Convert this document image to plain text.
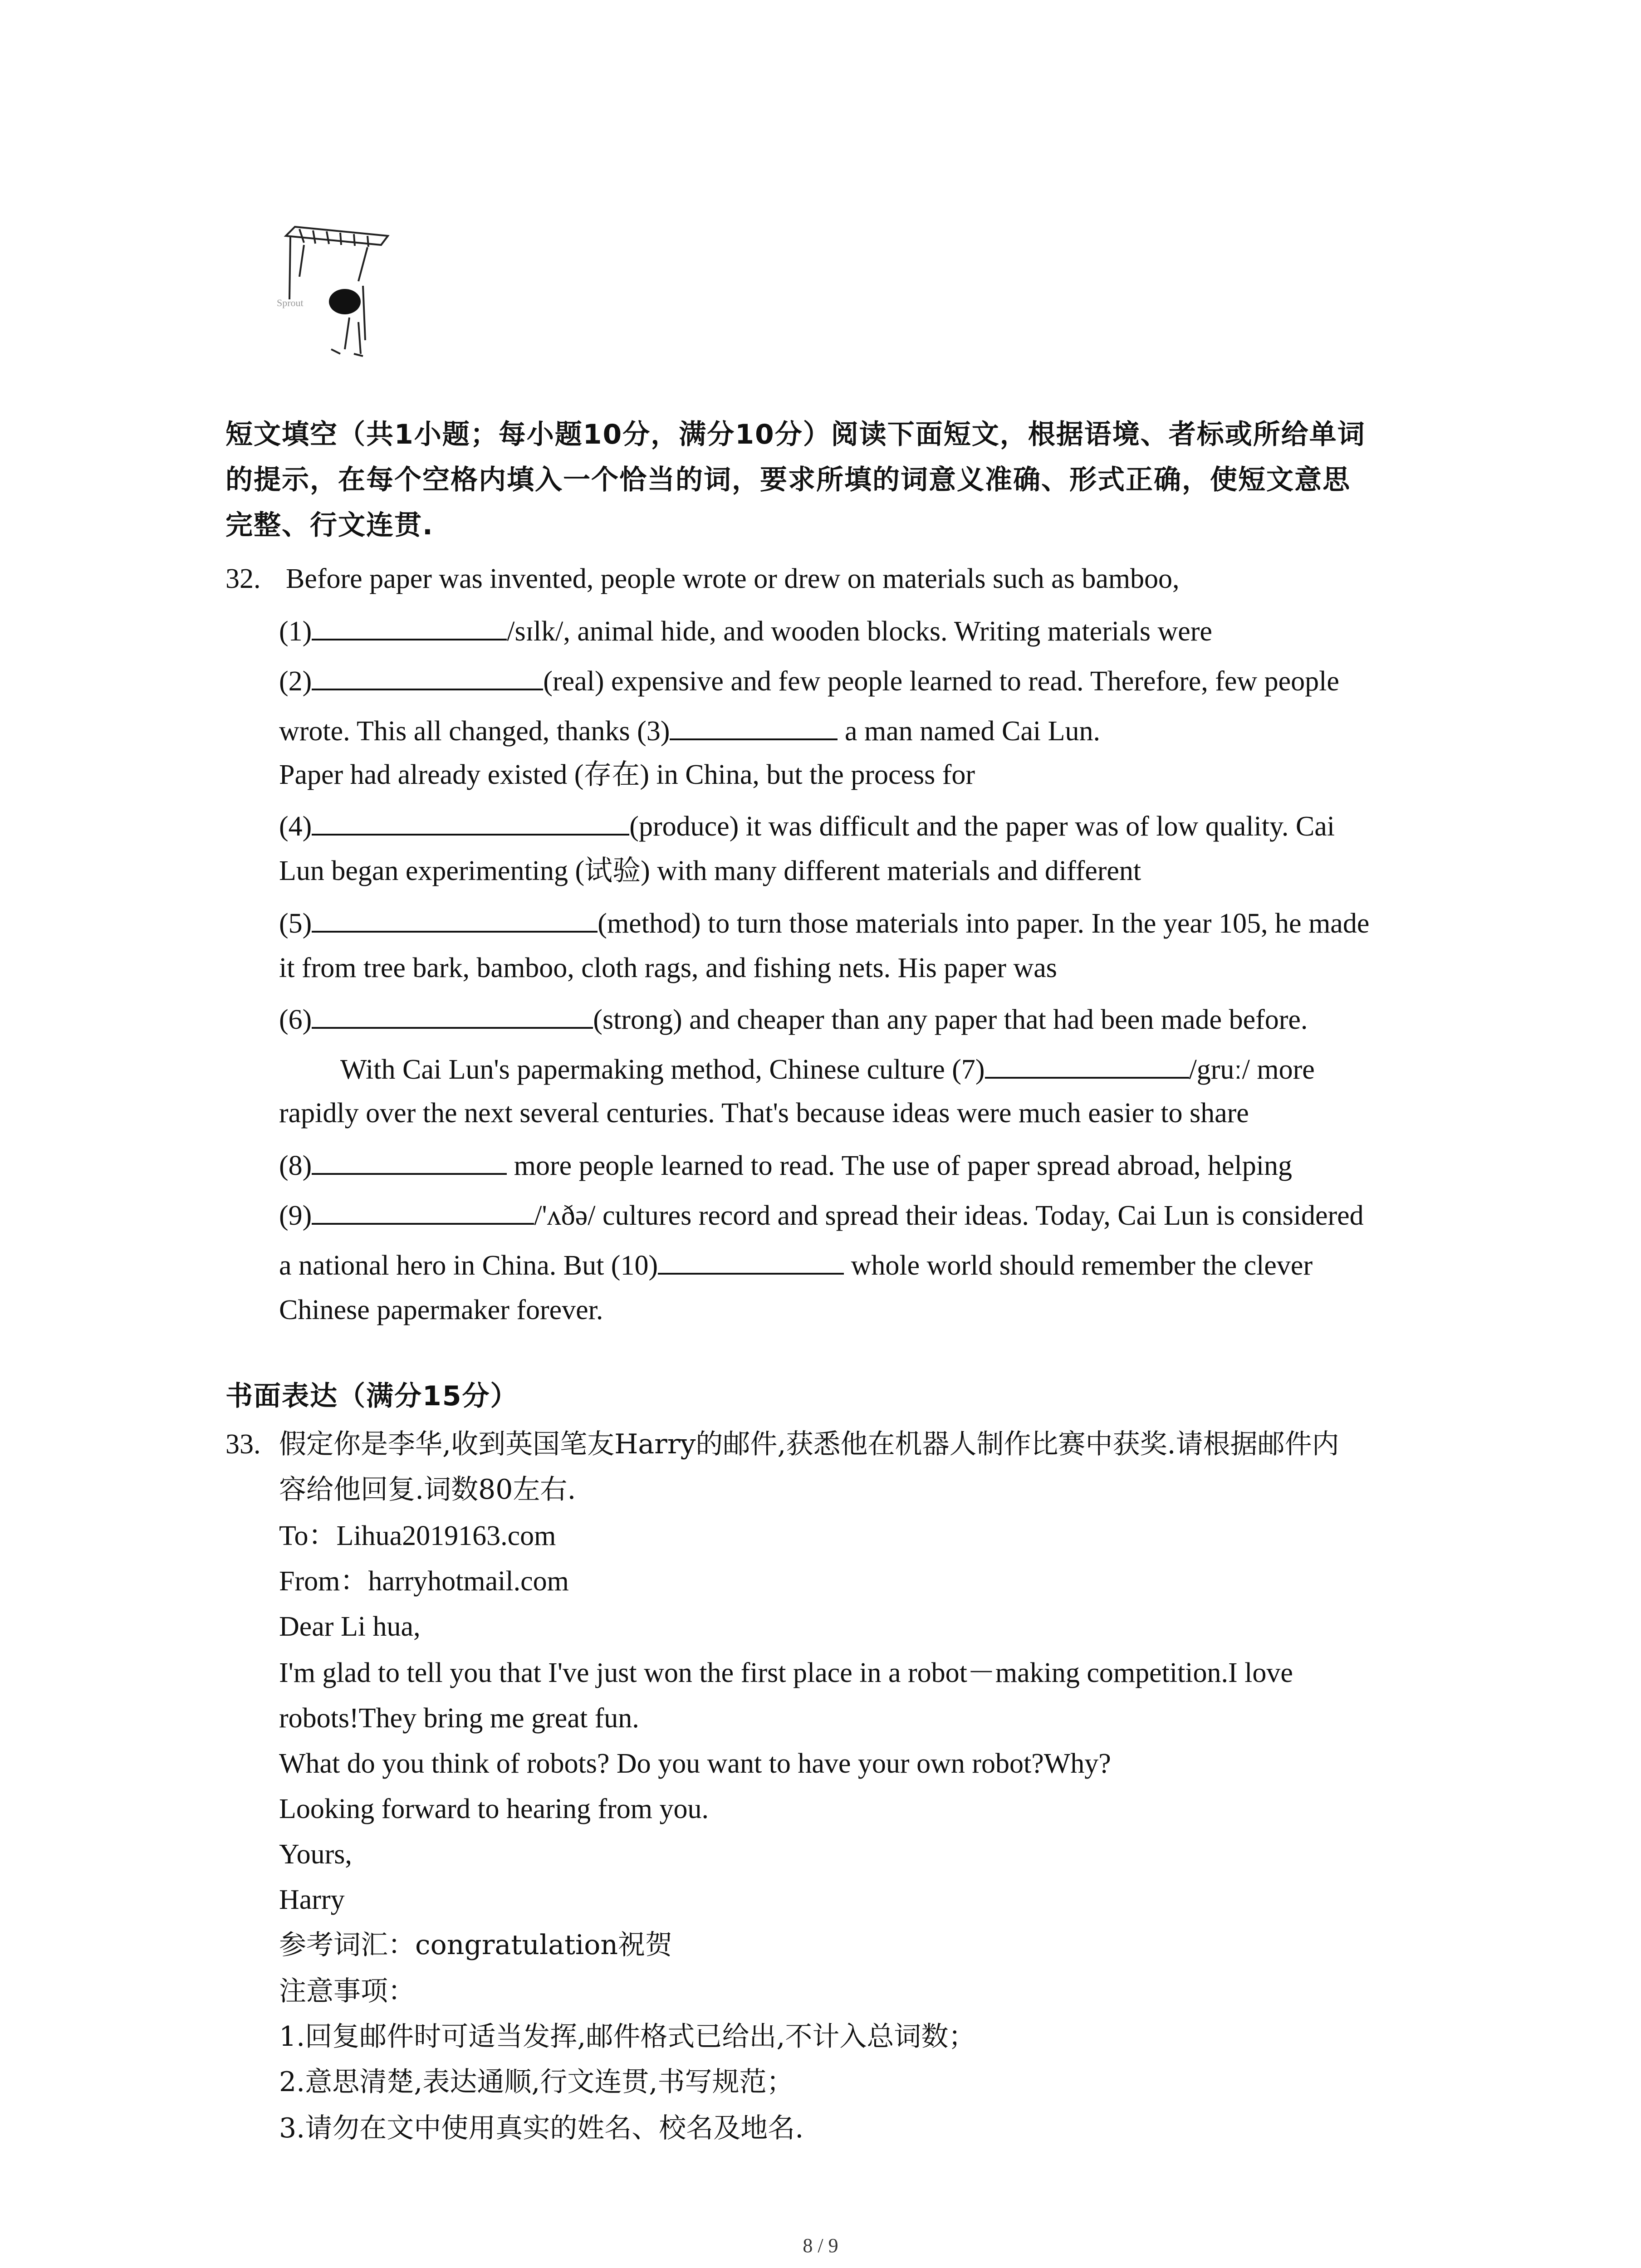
Sprout
短文填空（共1小题；每小题10分，满分10分）阅读下面短文，根据语境、者标或所给单词
的提示，在每个空格内填入一个恰当的词，要求所填的词意义准确、形式正确，使短文意思
完整、行文连贯.
32. Before paper was invented, people wrote or drew on materials such as bamboo,
(1)	/sɪlk/, animal hide, and wooden blocks. Writing materials were
(2)	(real) expensive and few people learned to read. Therefore, few people
wrote. This all changed, thanks (3)	a man named Cai Lun.
Paper had already existed (存在) in China, but the process for
(4)	(produce) it was difficult and the paper was of low quality. Cai
Lun began experimenting (试验) with many different materials and different
(5)	(method) to turn those materials into paper. In the year 105, he made
it from tree bark, bamboo, cloth rags, and fishing nets. His paper was
(6)	(strong) and cheaper than any paper that had been made before.
With Cai Lun's papermaking method, Chinese culture (7)	/gruː/ more
rapidly over the next several centuries. That's because ideas were much easier to share
(8)	more people learned to read. The use of paper spread abroad, helping
(9)	/'ʌðə/ cultures record and spread their ideas. Today, Cai Lun is considered
a national hero in China. But (10)	whole world should remember the clever
Chinese papermaker forever.
书面表达（满分15分）
33. 假定你是李华,收到英国笔友Harry的邮件,获悉他在机器人制作比赛中获奖.请根据邮件内
容给他回复.词数80左右.
To：Lihua2019163.com
From：harryhotmail.com
Dear Li hua,
I'm glad to tell you that I've just won the first place in a robot－making competition.I love
robots!They bring me great fun.
What do you think of robots? Do you want to have your own robot?Why?
Looking forward to hearing from you.
Yours,
Harry
参考词汇：congratulation祝贺
注意事项：
1.回复邮件时可适当发挥,邮件格式已给出,不计入总词数；
2.意思清楚,表达通顺,行文连贯,书写规范；
3.请勿在文中使用真实的姓名、校名及地名.
8 / 9
